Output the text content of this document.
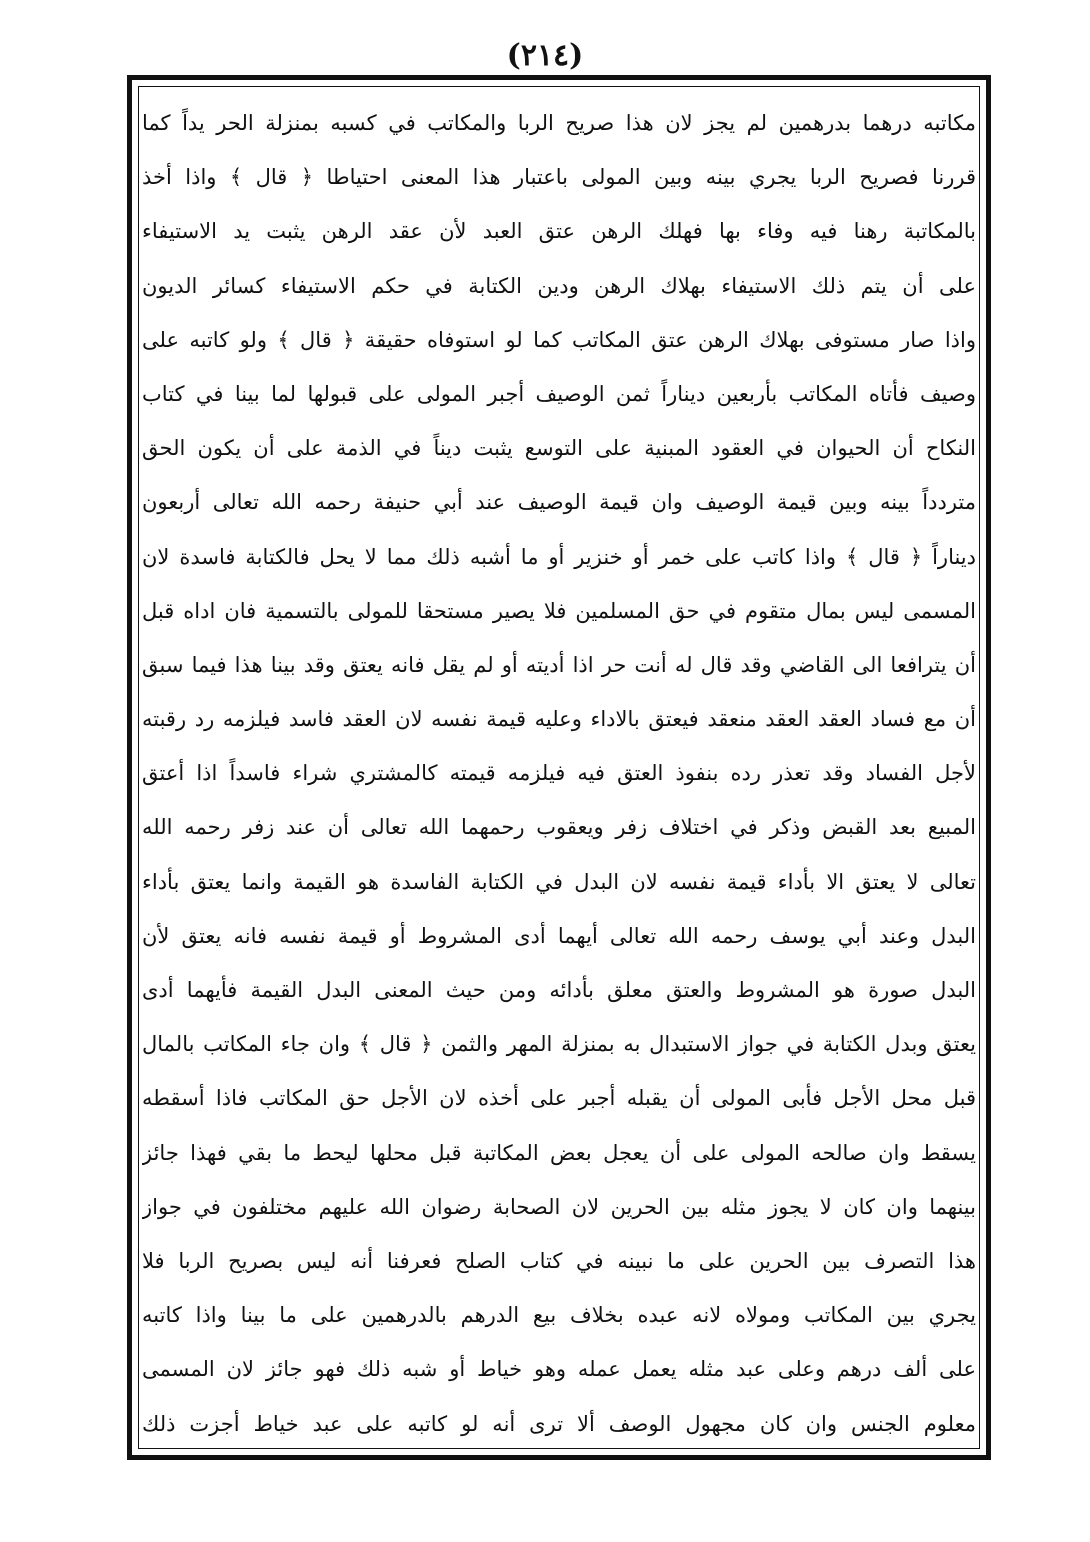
(٢١٤)
مكاتبه درهما بدرهمين لم يجز لان هذا صريح الربا والمكاتب في كسبه بمنزلة الحر يداً كما
قررنا فصريح الربا يجري بينه وبين المولى باعتبار هذا المعنى احتياطا ﴿ قال ﴾ واذا أخذ
بالمكاتبة رهنا فيه وفاء بها فهلك الرهن عتق العبد لأن عقد الرهن يثبت يد الاستيفاء
على أن يتم ذلك الاستيفاء بهلاك الرهن ودين الكتابة في حكم الاستيفاء كسائر الديون
واذا صار مستوفى بهلاك الرهن عتق المكاتب كما لو استوفاه حقيقة ﴿ قال ﴾ ولو كاتبه على
وصيف فأتاه المكاتب بأربعين ديناراً ثمن الوصيف أجبر المولى على قبولها لما بينا في كتاب
النكاح أن الحيوان في العقود المبنية على التوسع يثبت ديناً في الذمة على أن يكون الحق
متردداً بينه وبين قيمة الوصيف وان قيمة الوصيف عند أبي حنيفة رحمه الله تعالى أربعون
ديناراً ﴿ قال ﴾ واذا كاتب على خمر أو خنزير أو ما أشبه ذلك مما لا يحل فالكتابة فاسدة لان
المسمى ليس بمال متقوم في حق المسلمين فلا يصير مستحقا للمولى بالتسمية فان اداه قبل
أن يترافعا الى القاضي وقد قال له أنت حر اذا أديته أو لم يقل فانه يعتق وقد بينا هذا فيما سبق
أن مع فساد العقد العقد منعقد فيعتق بالاداء وعليه قيمة نفسه لان العقد فاسد فيلزمه رد رقبته
لأجل الفساد وقد تعذر رده بنفوذ العتق فيه فيلزمه قيمته كالمشتري شراء فاسداً اذا أعتق
المبيع بعد القبض وذكر في اختلاف زفر ويعقوب رحمهما الله تعالى أن عند زفر رحمه الله
تعالى لا يعتق الا بأداء قيمة نفسه لان البدل في الكتابة الفاسدة هو القيمة وانما يعتق بأداء
البدل وعند أبي يوسف رحمه الله تعالى أيهما أدى المشروط أو قيمة نفسه فانه يعتق لأن
البدل صورة هو المشروط والعتق معلق بأدائه ومن حيث المعنى البدل القيمة فأيهما أدى
يعتق وبدل الكتابة في جواز الاستبدال به بمنزلة المهر والثمن ﴿ قال ﴾ وان جاء المكاتب بالمال
قبل محل الأجل فأبى المولى أن يقبله أجبر على أخذه لان الأجل حق المكاتب فاذا أسقطه
يسقط وان صالحه المولى على أن يعجل بعض المكاتبة قبل محلها ليحط ما بقي فهذا جائز
بينهما وان كان لا يجوز مثله بين الحرين لان الصحابة رضوان الله عليهم مختلفون في جواز
هذا التصرف بين الحرين على ما نبينه في كتاب الصلح فعرفنا أنه ليس بصريح الربا فلا
يجري بين المكاتب ومولاه لانه عبده بخلاف بيع الدرهم بالدرهمين على ما بينا واذا كاتبه
على ألف درهم وعلى عبد مثله يعمل عمله وهو خياط أو شبه ذلك فهو جائز لان المسمى
معلوم الجنس وان كان مجهول الوصف ألا ترى أنه لو كاتبه على عبد خياط أجزت ذلك
